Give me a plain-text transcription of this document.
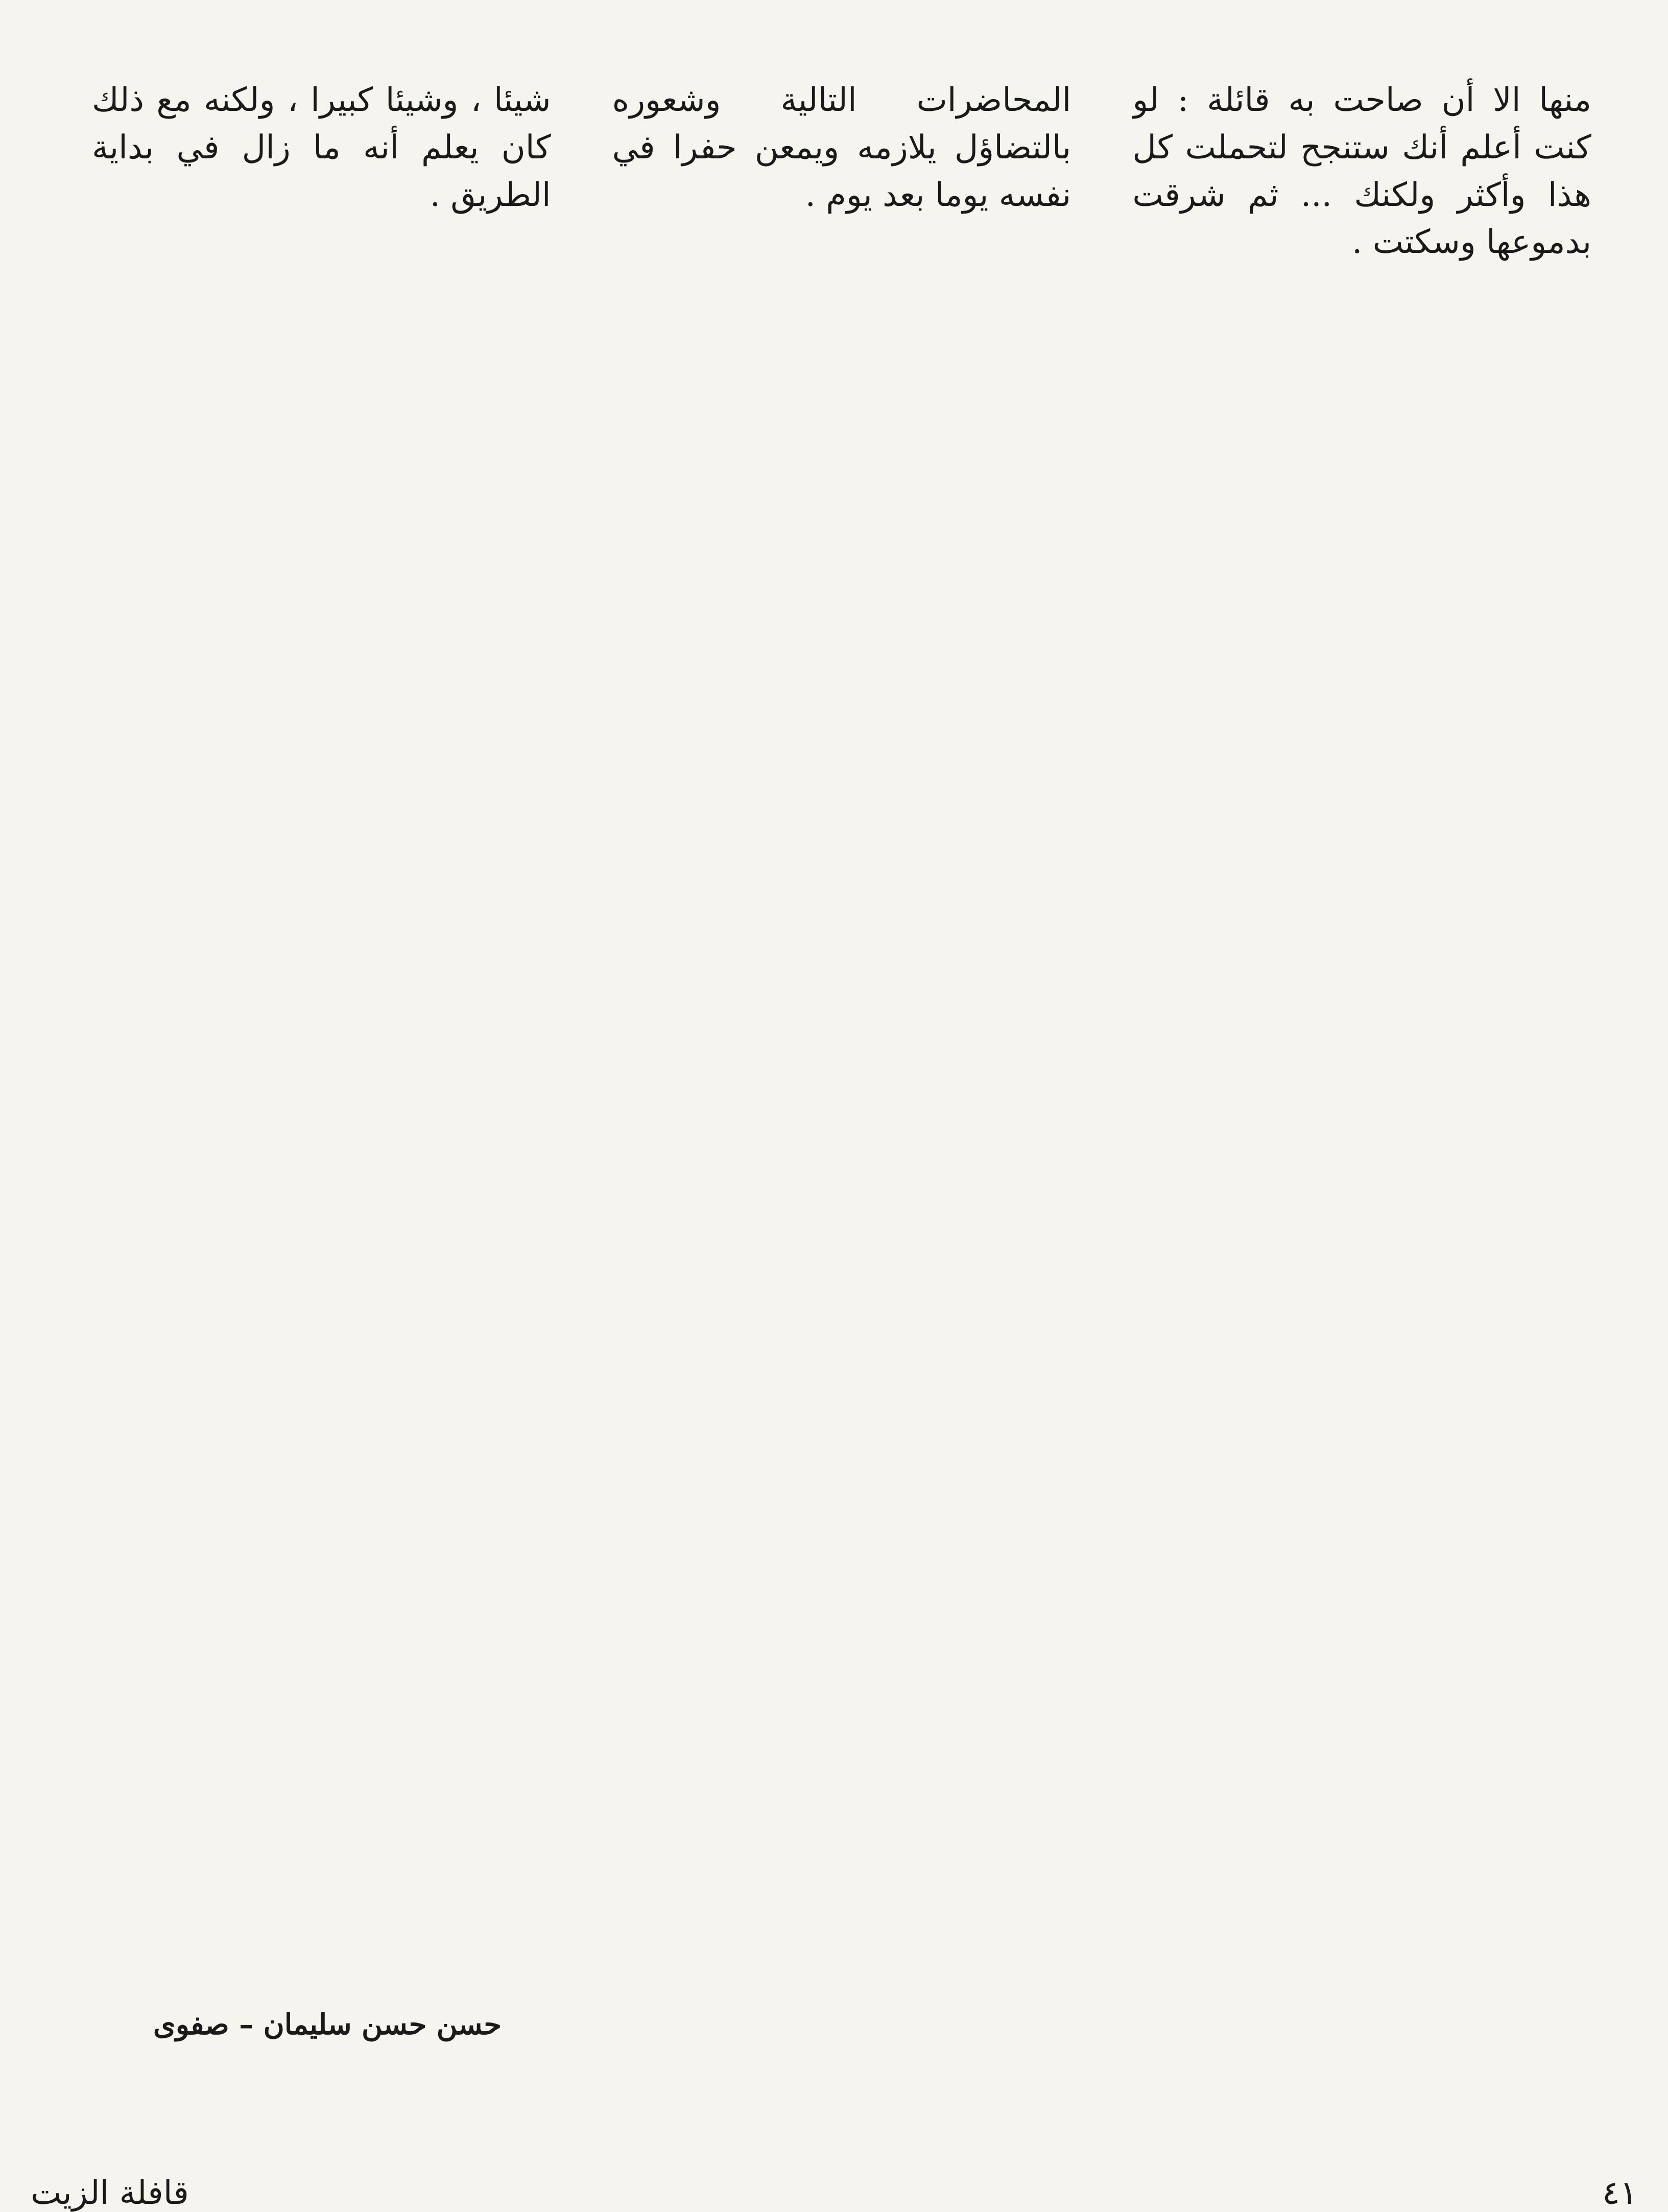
منها الا أن صاحت به قائلة : لو كنت أعلم أنك ستنجح لتحملت كل هذا وأكثر ولكنك ... ثم شرقت بدموعها وسكتت .

المحاضرات التالية وشعوره بالتضاؤل يلازمه ويمعن حفرا في نفسه يوما بعد يوم .

شيئا ، وشيئا كبيرا ، ولكنه مع ذلك كان يعلم أنه ما زال في بداية الطريق .

حسن حسن سليمان – صفوى
٤١
قافلة الزيت
